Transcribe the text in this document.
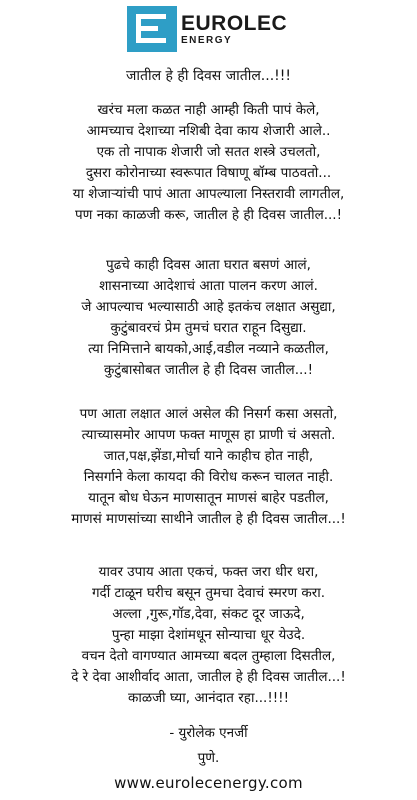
EUROLEC
ENERGY
जातील हे ही दिवस जातील...!!!
खरंच मला कळत नाही आम्ही किती पापं केले,
आमच्याच देशाच्या नशिबी देवा काय शेजारी आले..
एक तो नापाक शेजारी जो सतत शस्त्रे उचलतो,
दुसरा कोरोनाच्या स्वरूपात विषाणू बॉम्ब पाठवतो...
या शेजाऱ्यांची पापं आता आपल्याला निस्तरावी लागतील,
पण नका काळजी करू, जातील हे ही दिवस जातील...!
पुढचे काही दिवस आता घरात बसणं आलं,
शासनाच्या आदेशाचं आता पालन करण आलं.
जे आपल्याच भल्यासाठी आहे इतकंच लक्षात असुद्या,
कुटुंबावरचं प्रेम तुमचं घरात राहून दिसुद्या.
त्या निमित्ताने बायको,आई,वडील नव्याने कळतील,
कुटुंबासोबत जातील हे ही दिवस जातील...!
पण आता लक्षात आलं असेल की निसर्ग कसा असतो,
त्याच्यासमोर आपण फक्त माणूस हा प्राणी चं असतो.
जात,पक्ष,झेंडा,मोर्चा याने काहीच होत नाही,
निसर्गाने केला कायदा की विरोध करून चालत नाही.
यातून बोध घेऊन माणसातून माणसं बाहेर पडतील,
माणसं माणसांच्या साथीने जातील हे ही दिवस जातील...!
यावर उपाय आता एकचं, फक्त जरा धीर धरा,
गर्दी टाळून घरीच बसून तुमचा देवाचं स्मरण करा.
अल्ला ,गुरू,गॉड,देवा, संकट दूर जाऊदे,
पुन्हा माझा देशांमधून सोन्याचा धूर येउदे.
वचन देतो वागण्यात आमच्या बदल तुम्हाला दिसतील,
दे रे देवा आशीर्वाद आता, जातील हे ही दिवस जातील...!
काळजी घ्या, आनंदात रहा...!!!!
- युरोलेक एनर्जी
पुणे.
www.eurolecenergy.com
